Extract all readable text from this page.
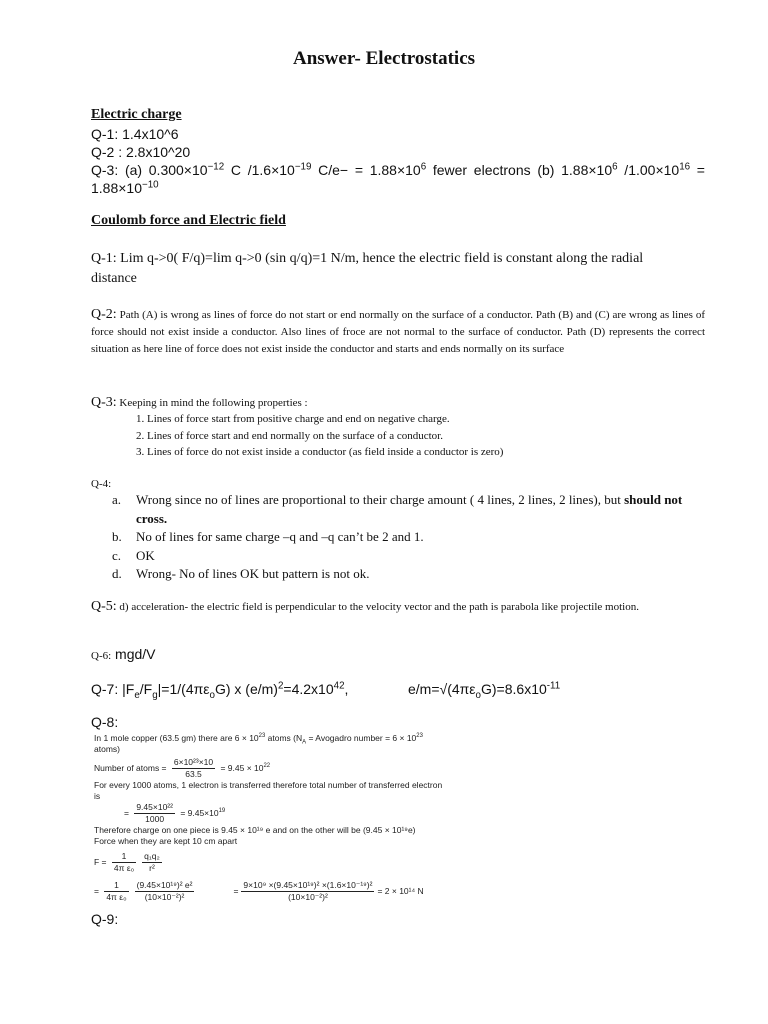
Answer- Electrostatics
Electric charge
Q-1: 1.4x10^6
Q-2 : 2.8x10^20
Q-3: (a) $0.300\times 10^{-12}$ C $/1.6\times 10^{-19}$ $C/e- = 1.88\times 10^6$ fewer electrons (b) $1.88\times 10^6$ $/1.00\times 10^{16} = 1.88\times 10^{-10}$
Coulomb force and Electric field
Q-1: Lim q->0( F/q)=lim q->0 (sin q/q)=1 N/m, hence the electric field is constant along the radial distance
Q-2: Path (A) is wrong as lines of force do not start or end normally on the surface of a conductor. Path (B) and (C) are wrong as lines of force should not exist inside a conductor. Also lines of froce are not normal to the surface of conductor. Path (D) represents the correct situation as here line of force does not exist inside the conductor and starts and ends normally on its surface
Q-3: Keeping in mind the following properties :
1. Lines of force start from positive charge and end on negative charge.
2. Lines of force start and end normally on the surface of a conductor.
3. Lines of force do not exist inside a conductor (as field inside a conductor is zero)
Q-4:
a.	Wrong since no of lines are proportional to their charge amount ( 4 lines, 2 lines, 2 lines), but should not cross.
b.	No of lines for same charge –q and –q can’t be 2 and 1.
c.	OK
d.	Wrong- No of lines OK but pattern is not ok.
Q-5: d) acceleration- the electric field is perpendicular to the velocity vector and the path is parabola like projectile motion.
Q-6: mgd/V
Q-7: $|F_e/F_g|=1/(4\pi\varepsilon_oG)$ x $(e/m)^2=4.2x10^{42}$,	$e/m=√(4\pi\varepsilon_oG)=8.6x10^{-11}$
Q-8:
In 1 mole copper (63.5 gm) there are $6 \times 10^{23}$ atoms ($N_A$ = Avogadro number = $6 \times 10^{23}$
atoms)
Number of atoms = $\frac{\text{6×10²³×10}}{63.5} = 9.45 \times 10^{22}$
For every 1000 atoms, 1 electron is transferred therefore total number of transferred electron
is
= $\frac{\text{9.45×10²²}}{1000} = 9.45\times 10^{19}$
Therefore charge on one piece is 9.45 × 10¹⁹ e and on the other will be (9.45 × 10¹⁹e)
Force when they are kept 10 cm apart
$F = \frac{1}{\text{4π ε₀}} \frac{\text{q₁q₂}}{\text{r²}}$
= $\frac{1}{\text{4π ε₀}} \frac{\text{(9.45×10¹⁹)² e²}}{\text{(10×10⁻²)²}}$	= $\frac{\text{9×10⁹ ×(9.45×10¹⁹)² ×(1.6×10⁻¹⁹)²}}{\text{(10×10⁻²)²}} = 2 \times 10^{14}$ N
Q-9:
